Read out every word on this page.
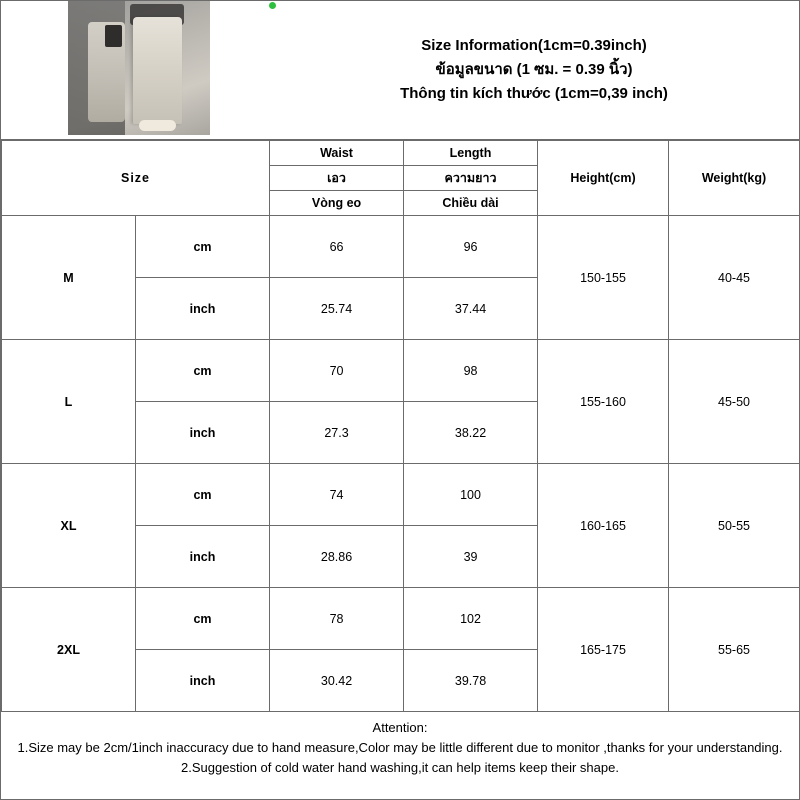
Size Information(1cm=0.39inch)
ข้อมูลขนาด (1 ซม. = 0.39 นิ้ว)
Thông tin kích thước (1cm=0,39 inch)
Size		Waist	Length	Height(cm)	Weight(kg)
		เอว	ความยาว		
		Vòng eo	Chiều dài		
M	cm	66	96	150-155	40-45
	inch	25.74	37.44		
L	cm	70	98	155-160	45-50
	inch	27.3	38.22		
XL	cm	74	100	160-165	50-55
	inch	28.86	39		
2XL	cm	78	102	165-175	55-65
	inch	30.42	39.78		
Attention:
1.Size may be 2cm/1inch inaccuracy due to hand measure,Color may be little different due to monitor ,thanks for your understanding.
2.Suggestion of cold water hand washing,it can help items keep their shape.
